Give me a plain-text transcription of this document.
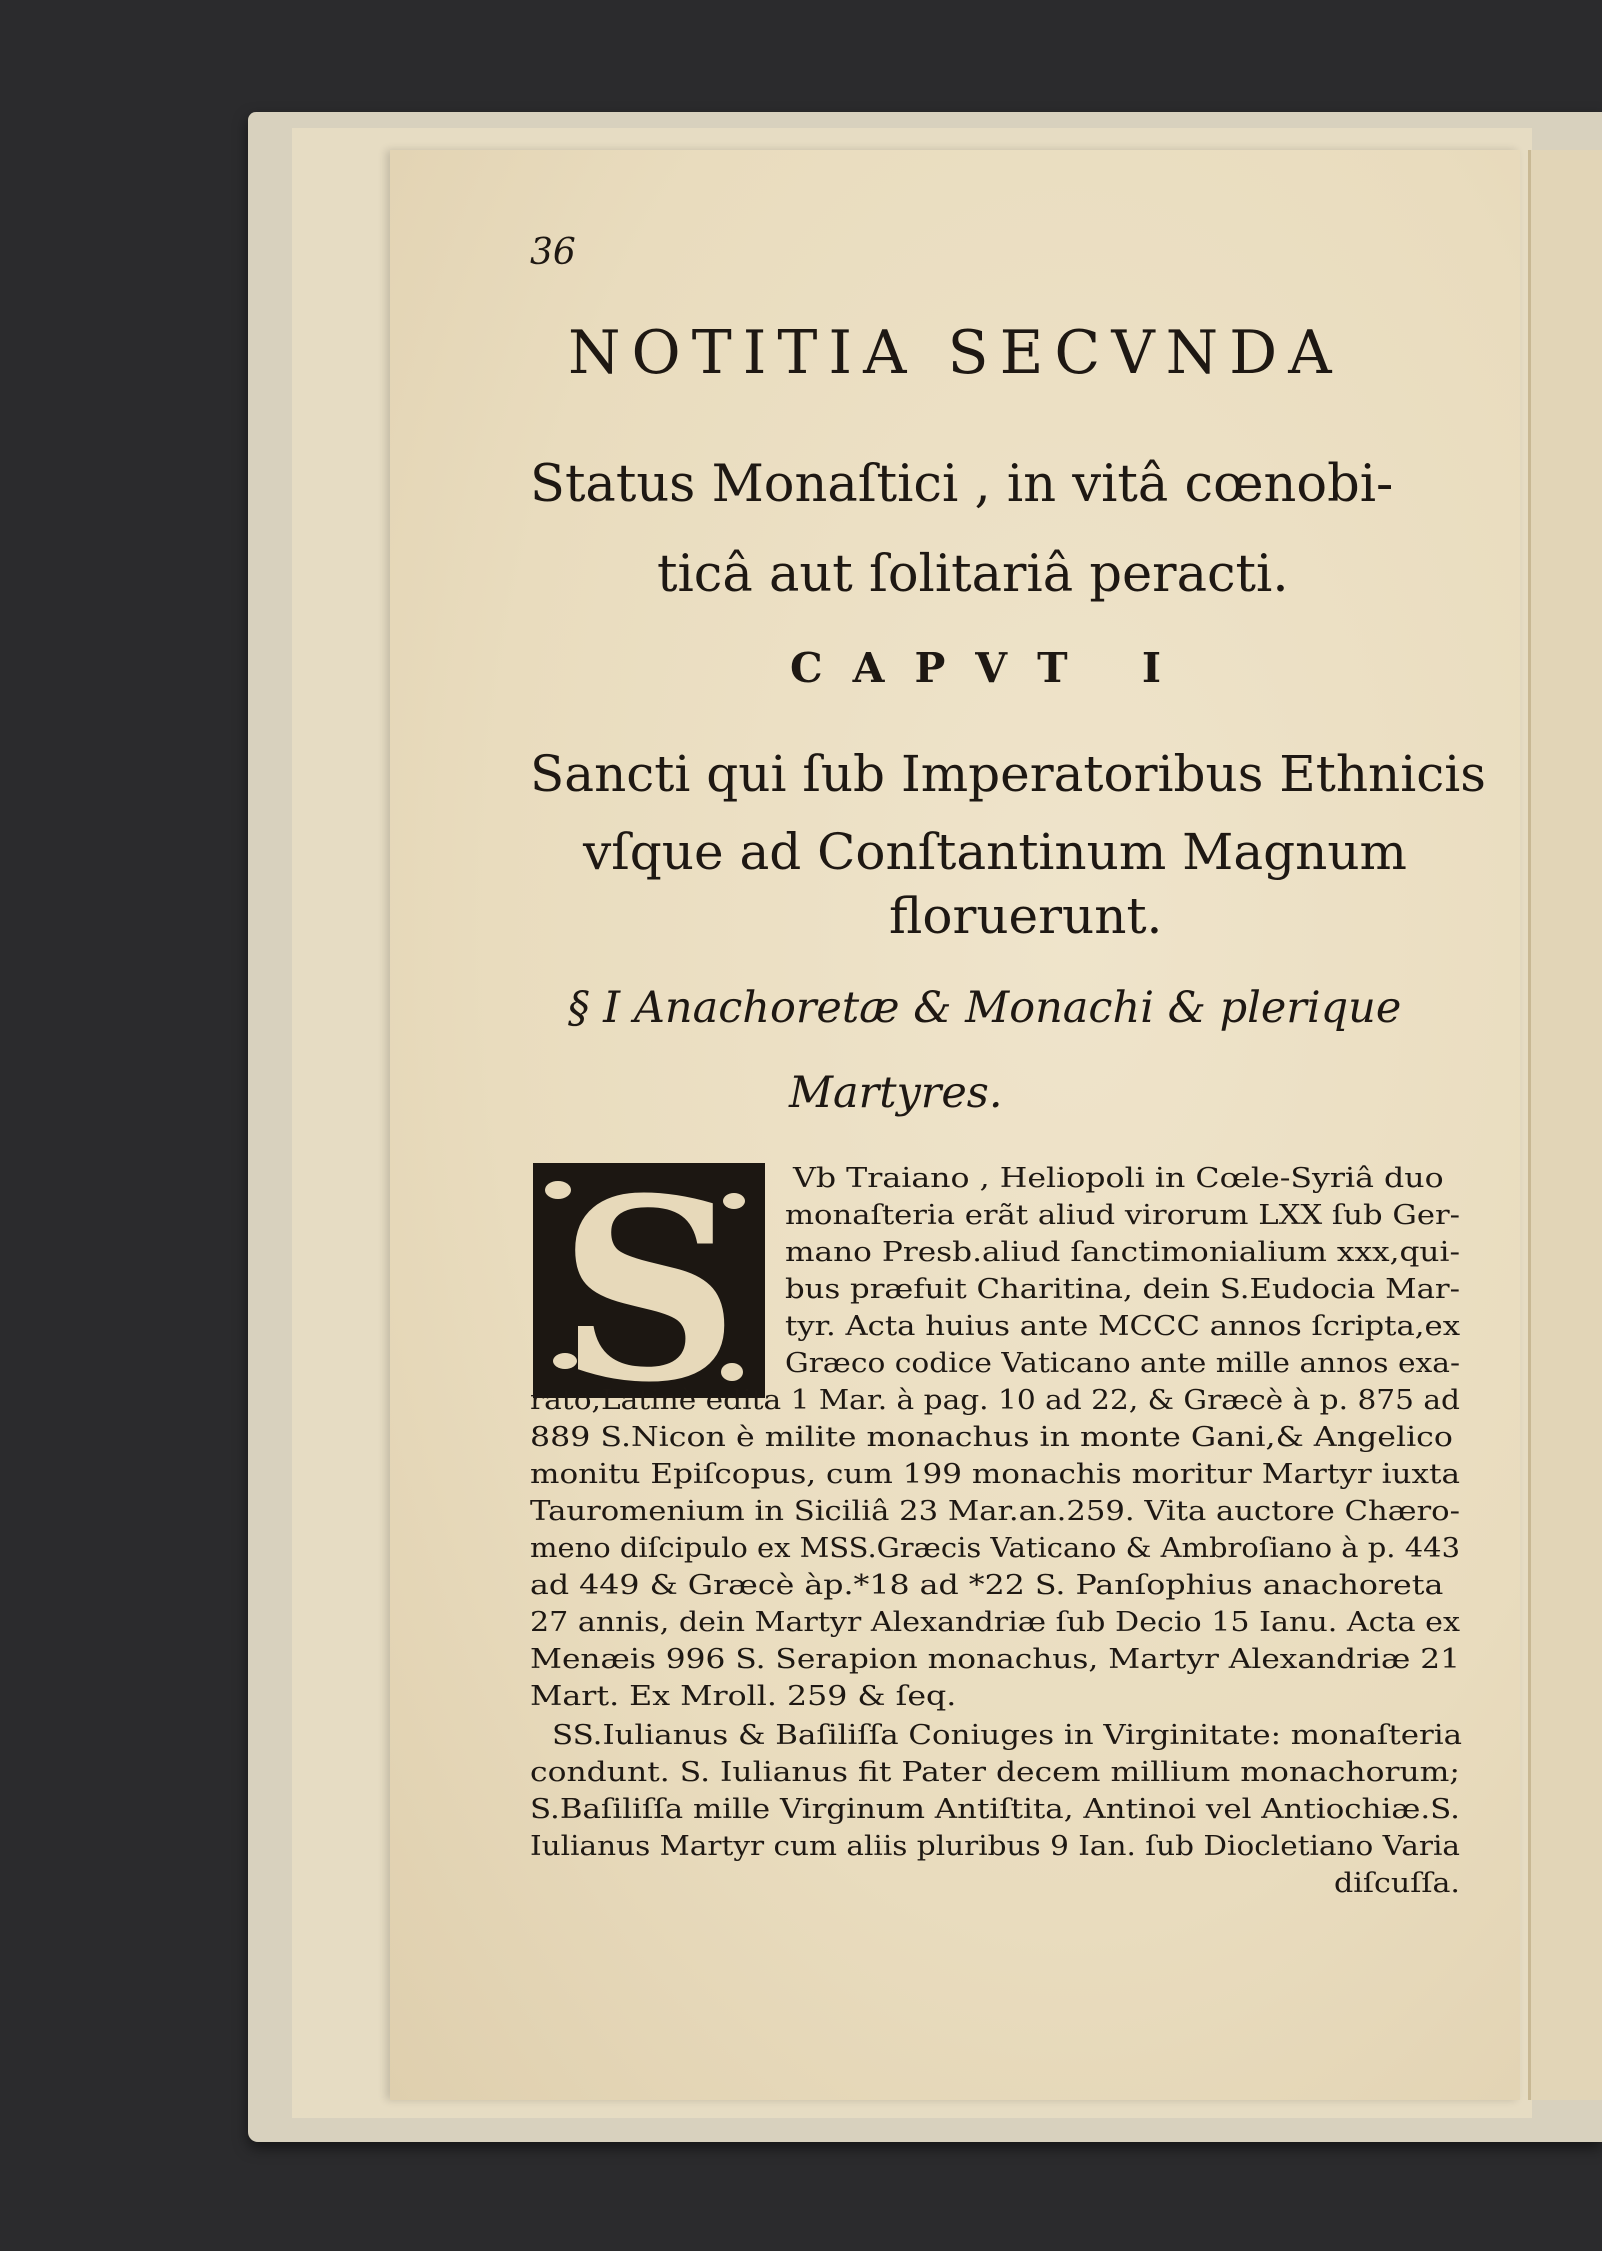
36
NOTITIA SECVNDA
Status Monaſtici , in vitâ cœnobi-
ticâ aut ſolitariâ peracti.
CAPVT I
Sancti qui ſub Imperatoribus Ethnicis
vſque ad Conſtantinum Magnum
floruerunt.
§ I Anachoretæ & Monachi & plerique
Martyres.
S	Vb Traiano , Heliopoli in Cœle-Syriâ duo
monaſteria erãt aliud virorum LXX ſub Ger-
mano Presb.aliud ſanctimonialium xxx,qui-
bus præfuit Charitina, dein S.Eudocia Mar-
tyr. Acta huius ante MCCC annos ſcripta,ex
Græco codice Vaticano ante mille annos exa-
rato,Latinè edita 1 Mar. à pag. 10 ad 22, & Græcè à p. 875 ad
889 S.Nicon è milite monachus in monte Gani,& Angelico
monitu Epiſcopus, cum 199 monachis moritur Martyr iuxta
Tauromenium in Siciliâ 23 Mar.an.259. Vita auctore Chæro-
meno diſcipulo ex MSS.Græcis Vaticano & Ambroſiano à p. 443
ad 449 & Græcè àp.*18 ad *22 S. Panſophius anachoreta
27 annis, dein Martyr Alexandriæ ſub Decio 15 Ianu. Acta ex
Menæis 996 S. Serapion monachus, Martyr Alexandriæ 21
Mart. Ex Mroll. 259 & ſeq.
SS.Iulianus & Baſiliſſa Coniuges in Virginitate: monaſteria
condunt. S. Iulianus fit Pater decem millium monachorum;
S.Baſiliſſa mille Virginum Antiſtita, Antinoi vel Antiochiæ.S.
Iulianus Martyr cum aliis pluribus 9 Ian. ſub Diocletiano Varia
diſcuſſa.
